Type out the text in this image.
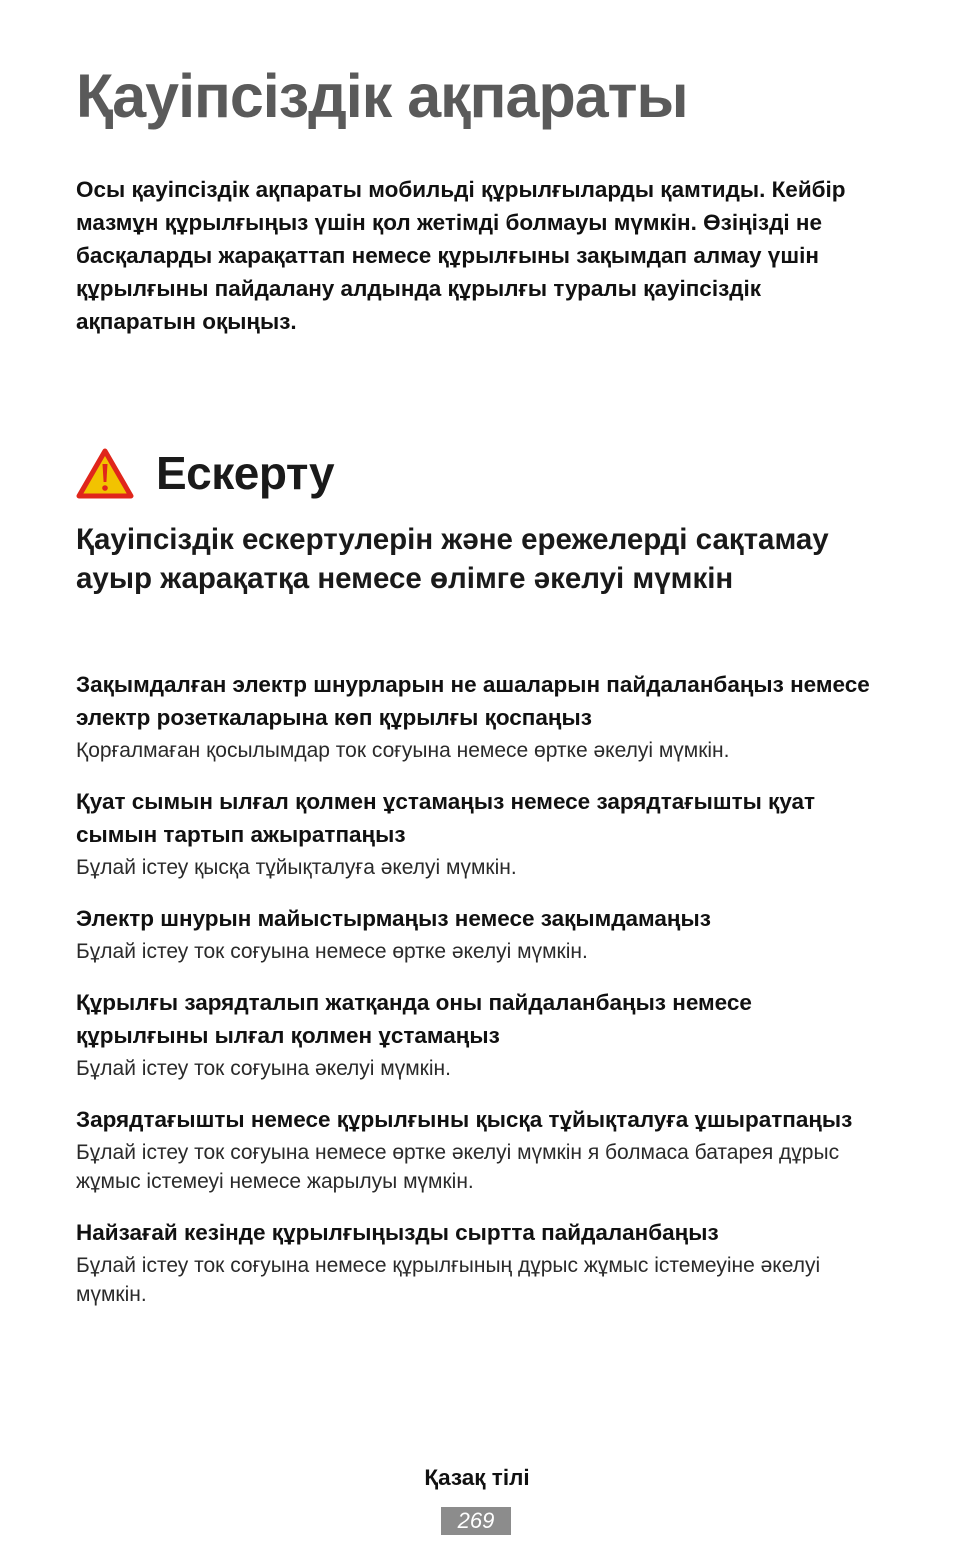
Қауіпсіздік ақпараты

Осы қауіпсіздік ақпараты мобильді құрылғыларды қамтиды. Кейбір мазмұн құрылғыңыз үшін қол жетімді болмауы мүмкін. Өзіңізді не басқаларды жарақаттап немесе құрылғыны зақымдап алмау үшін құрылғыны пайдалану алдында құрылғы туралы қауіпсіздік ақпаратын оқыңыз.

Ескерту
Қауіпсіздік ескертулерін және ережелерді сақтамау ауыр жарақатқа немесе өлімге әкелуі мүмкін

Зақымдалған электр шнурларын не ашаларын пайдаланбаңыз немесе электр розеткаларына көп құрылғы қоспаңыз

Қорғалмаған қосылымдар ток соғуына немесе өртке әкелуі мүмкін.

Қуат сымын ылғал қолмен ұстамаңыз немесе зарядтағышты қуат сымын тартып ажыратпаңыз

Бұлай істеу қысқа тұйықталуға әкелуі мүмкін.

Электр шнурын майыстырмаңыз немесе зақымдамаңыз

Бұлай істеу ток соғуына немесе өртке әкелуі мүмкін.

Құрылғы зарядталып жатқанда оны пайдаланбаңыз немесе құрылғыны ылғал қолмен ұстамаңыз

Бұлай істеу ток соғуына әкелуі мүмкін.

Зарядтағышты немесе құрылғыны қысқа тұйықталуға ұшыратпаңыз

Бұлай істеу ток соғуына немесе өртке әкелуі мүмкін я болмаса батарея дұрыс жұмыс істемеуі немесе жарылуы мүмкін.

Найзағай кезінде құрылғыңызды сыртта пайдаланбаңыз

Бұлай істеу ток соғуына немесе құрылғының дұрыс жұмыс істемеуіне әкелуі мүмкін.

Қазақ тілі
269
